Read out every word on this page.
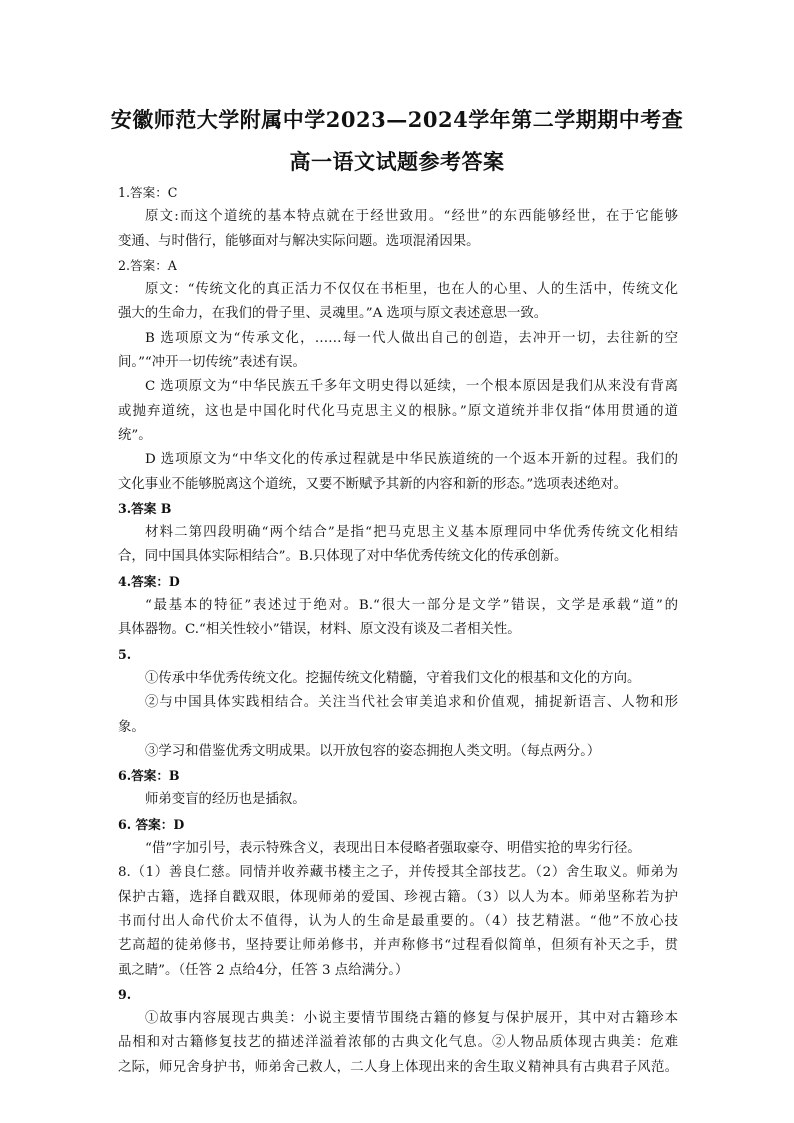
安徽师范大学附属中学2023—2024学年第二学期期中考查
高一语文试题参考答案
1.答案：C
原文:而这个道统的基本特点就在于经世致用。“经世”的东西能够经世，在于它能够
变通、与时偕行，能够面对与解决实际问题。选项混淆因果。
2.答案：A
原文：“传统文化的真正活力不仅仅在书柜里，也在人的心里、人的生活中，传统文化
强大的生命力，在我们的骨子里、灵魂里。”A 选项与原文表述意思一致。
B 选项原文为“传承文化，……每一代人做出自己的创造，去冲开一切，去往新的空
间。”“冲开一切传统”表述有误。
C 选项原文为“中华民族五千多年文明史得以延续，一个根本原因是我们从来没有背离
或抛弃道统，这也是中国化时代化马克思主义的根脉。”原文道统并非仅指“体用贯通的道
统”。
D 选项原文为“中华文化的传承过程就是中华民族道统的一个返本开新的过程。我们的
文化事业不能够脱离这个道统，又要不断赋予其新的内容和新的形态。”选项表述绝对。
3.答案 B
材料二第四段明确“两个结合”是指“把马克思主义基本原理同中华优秀传统文化相结
合，同中国具体实际相结合”。B.只体现了对中华优秀传统文化的传承创新。
4.答案：D
“最基本的特征”表述过于绝对。B.“很大一部分是文学”错误，文学是承载“道”的
具体器物。C.“相关性较小”错误，材料、原文没有谈及二者相关性。
5.
①传承中华优秀传统文化。挖掘传统文化精髓，守着我们文化的根基和文化的方向。
②与中国具体实践相结合。关注当代社会审美追求和价值观，捕捉新语言、人物和形
象。
③学习和借鉴优秀文明成果。以开放包容的姿态拥抱人类文明。（每点两分。）
6.答案：B
师弟变盲的经历也是插叙。
6. 答案：D
“借”字加引号，表示特殊含义，表现出日本侵略者强取豪夺、明借实抢的卑劣行径。
8.（1）善良仁慈。同情并收养藏书楼主之子，并传授其全部技艺。（2）舍生取义。师弟为
保护古籍，选择自戳双眼，体现师弟的爱国、珍视古籍。（3）以人为本。师弟坚称若为护
书而付出人命代价太不值得，认为人的生命是最重要的。（4）技艺精湛。“他”不放心技
艺高超的徒弟修书，坚持要让师弟修书，并声称修书“过程看似简单，但须有补天之手，贯
虱之睛”。（任答 2 点给4分，任答 3 点给满分。）
9.
①故事内容展现古典美：小说主要情节围绕古籍的修复与保护展开，其中对古籍珍本
品相和对古籍修复技艺的描述洋溢着浓郁的古典文化气息。②人物品质体现古典美：危难
之际，师兄舍身护书，师弟舍己救人，二人身上体现出来的舍生取义精神具有古典君子风范。
